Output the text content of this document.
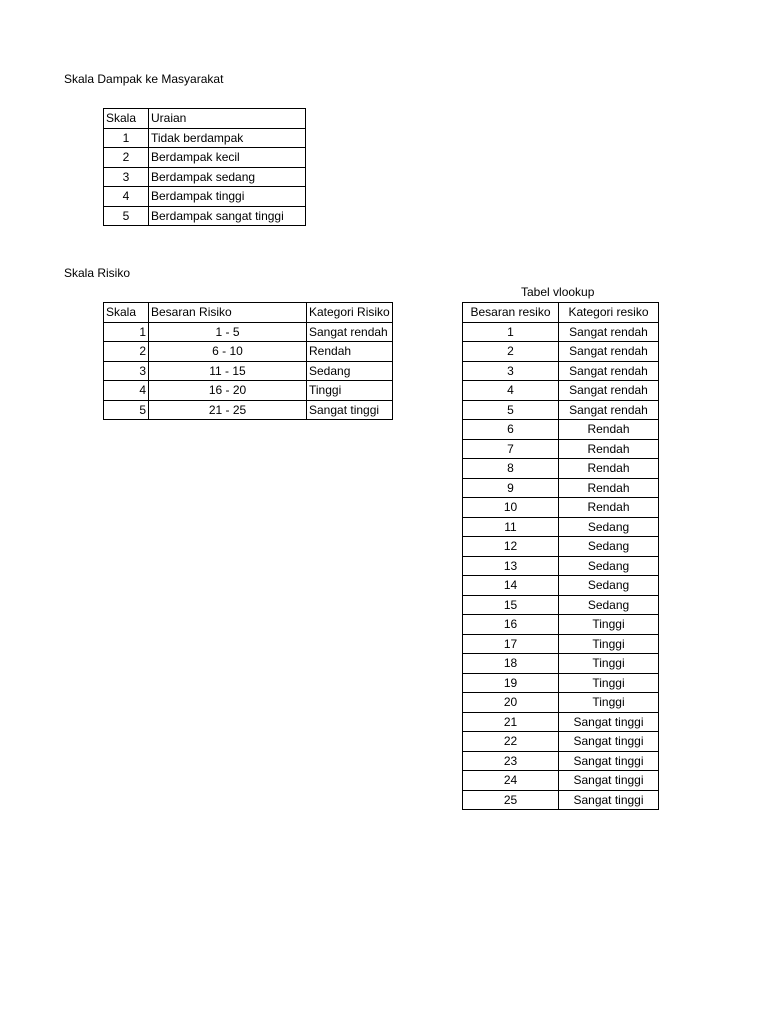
Skala Dampak ke Masyarakat
Skala	Uraian
1	Tidak berdampak
2	Berdampak kecil
3	Berdampak sedang
4	Berdampak tinggi
5	Berdampak sangat tinggi
Skala Risiko
Skala	Besaran Risiko	Kategori Risiko
1	1 - 5	Sangat rendah
2	6 - 10	Rendah
3	11 - 15	Sedang
4	16 - 20	Tinggi
5	21 - 25	Sangat tinggi
Tabel vlookup
Besaran resiko	Kategori resiko
1	Sangat rendah
2	Sangat rendah
3	Sangat rendah
4	Sangat rendah
5	Sangat rendah
6	Rendah
7	Rendah
8	Rendah
9	Rendah
10	Rendah
11	Sedang
12	Sedang
13	Sedang
14	Sedang
15	Sedang
16	Tinggi
17	Tinggi
18	Tinggi
19	Tinggi
20	Tinggi
21	Sangat tinggi
22	Sangat tinggi
23	Sangat tinggi
24	Sangat tinggi
25	Sangat tinggi
